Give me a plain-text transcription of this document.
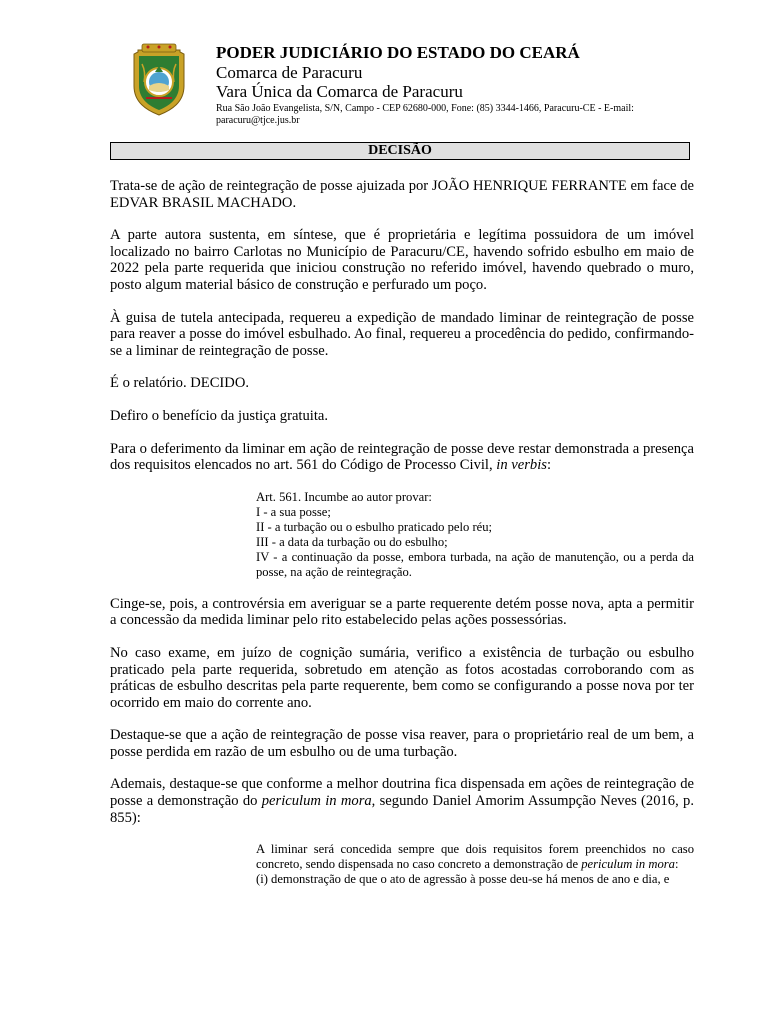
PODER JUDICIÁRIO DO ESTADO DO CEARÁ
Comarca de Paracuru
Vara Única da Comarca de Paracuru
Rua São João Evangelista, S/N, Campo - CEP 62680-000, Fone: (85) 3344-1466, Paracuru-CE - E-mail: paracuru@tjce.jus.br
DECISÃO

Trata-se de ação de reintegração de posse ajuizada por JOÃO HENRIQUE FERRANTE em face de EDVAR BRASIL MACHADO.

A parte autora sustenta, em síntese, que é proprietária e legítima possuidora de um imóvel localizado no bairro Carlotas no Município de Paracuru/CE, havendo sofrido esbulho em maio de 2022 pela parte requerida que iniciou construção no referido imóvel, havendo quebrado o muro, posto algum material básico de construção e perfurado um poço.

À guisa de tutela antecipada, requereu a expedição de mandado liminar de reintegração de posse para reaver a posse do imóvel esbulhado. Ao final, requereu a procedência do pedido, confirmando-se a liminar de reintegração de posse.

É o relatório. DECIDO.

Defiro o benefício da justiça gratuita.

Para o deferimento da liminar em ação de reintegração de posse deve restar demonstrada a presença dos requisitos elencados no art. 561 do Código de Processo Civil, in verbis:

Art. 561. Incumbe ao autor provar:
I - a sua posse;
II - a turbação ou o esbulho praticado pelo réu;
III - a data da turbação ou do esbulho;
IV - a continuação da posse, embora turbada, na ação de manutenção, ou a perda da posse, na ação de reintegração.

Cinge-se, pois, a controvérsia em averiguar se a parte requerente detém posse nova, apta a permitir a concessão da medida liminar pelo rito estabelecido pelas ações possessórias.

No caso exame, em juízo de cognição sumária, verifico a existência de turbação ou esbulho praticado pela parte requerida, sobretudo em atenção as fotos acostadas corroborando com as práticas de esbulho descritas pela parte requerente, bem como se configurando a posse nova por ter ocorrido em maio do corrente ano.

Destaque-se que a ação de reintegração de posse visa reaver, para o proprietário real de um bem, a posse perdida em razão de um esbulho ou de uma turbação.

Ademais, destaque-se que conforme a melhor doutrina fica dispensada em ações de reintegração de posse a demonstração do periculum in mora, segundo Daniel Amorim Assumpção Neves (2016, p. 855):

A liminar será concedida sempre que dois requisitos forem preenchidos no caso concreto, sendo dispensada no caso concreto a demonstração de periculum in mora:
(i) demonstração de que o ato de agressão à posse deu-se há menos de ano e dia, e
